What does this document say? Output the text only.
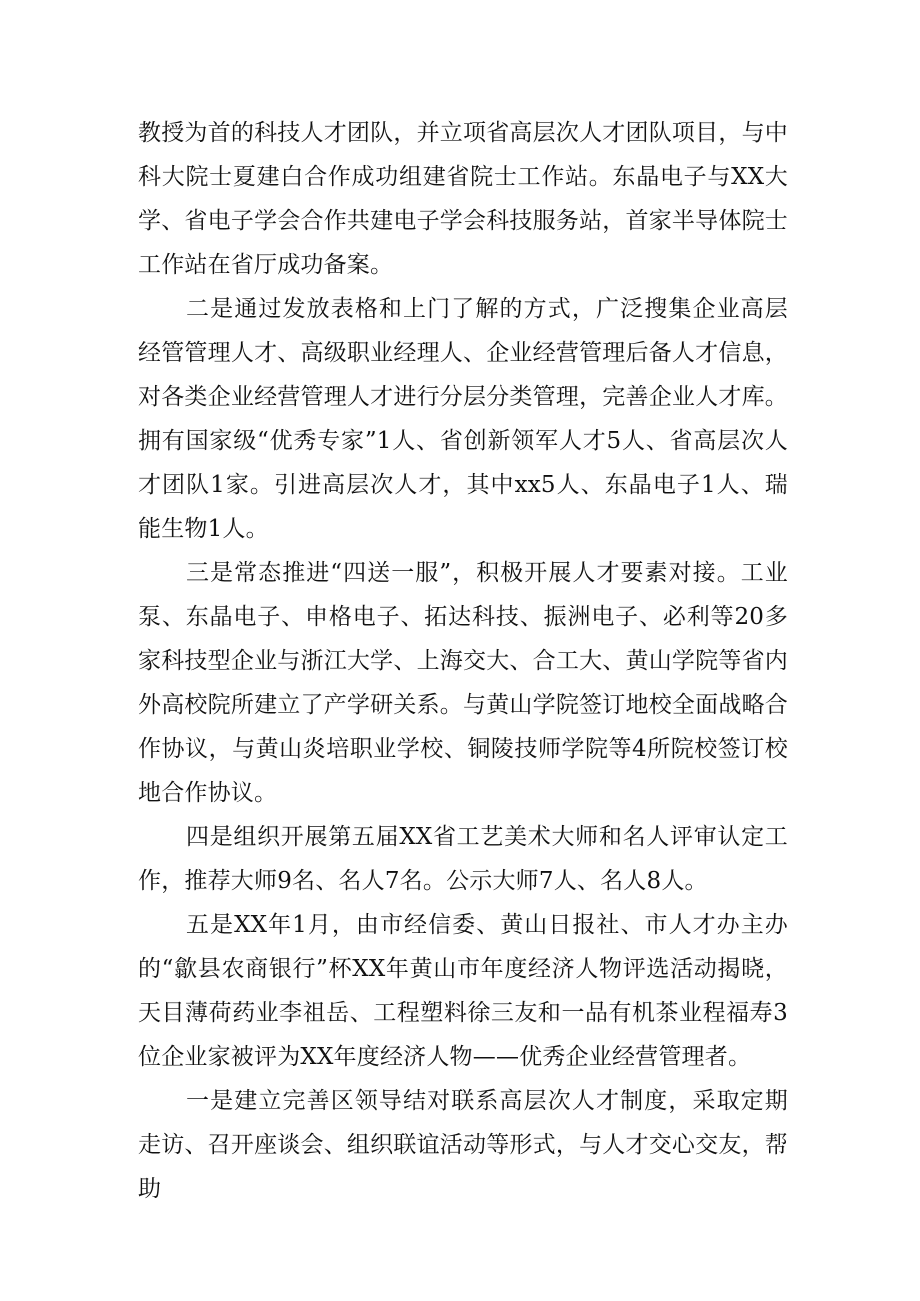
教授为首的科技人才团队，并立项省高层次人才团队项目，与中科大院士夏建白合作成功组建省院士工作站。东晶电子与XX大学、省电子学会合作共建电子学会科技服务站，首家半导体院士工作站在省厅成功备案。

二是通过发放表格和上门了解的方式，广泛搜集企业高层经管管理人才、高级职业经理人、企业经营管理后备人才信息，对各类企业经营管理人才进行分层分类管理，完善企业人才库。拥有国家级“优秀专家”1人、省创新领军人才5人、省高层次人才团队1家。引进高层次人才，其中xx5人、东晶电子1人、瑞能生物1人。

三是常态推进“四送一服”，积极开展人才要素对接。工业泵、东晶电子、申格电子、拓达科技、振洲电子、必利等20多家科技型企业与浙江大学、上海交大、合工大、黄山学院等省内外高校院所建立了产学研关系。与黄山学院签订地校全面战略合作协议，与黄山炎培职业学校、铜陵技师学院等4所院校签订校地合作协议。

四是组织开展第五届XX省工艺美术大师和名人评审认定工作，推荐大师9名、名人7名。公示大师7人、名人8人。

五是XX年1月，由市经信委、黄山日报社、市人才办主办的“歙县农商银行”杯XX年黄山市年度经济人物评选活动揭晓，天目薄荷药业李祖岳、工程塑料徐三友和一品有机茶业程福寿3位企业家被评为XX年度经济人物——优秀企业经营管理者。

一是建立完善区领导结对联系高层次人才制度，采取定期走访、召开座谈会、组织联谊活动等形式，与人才交心交友，帮助
